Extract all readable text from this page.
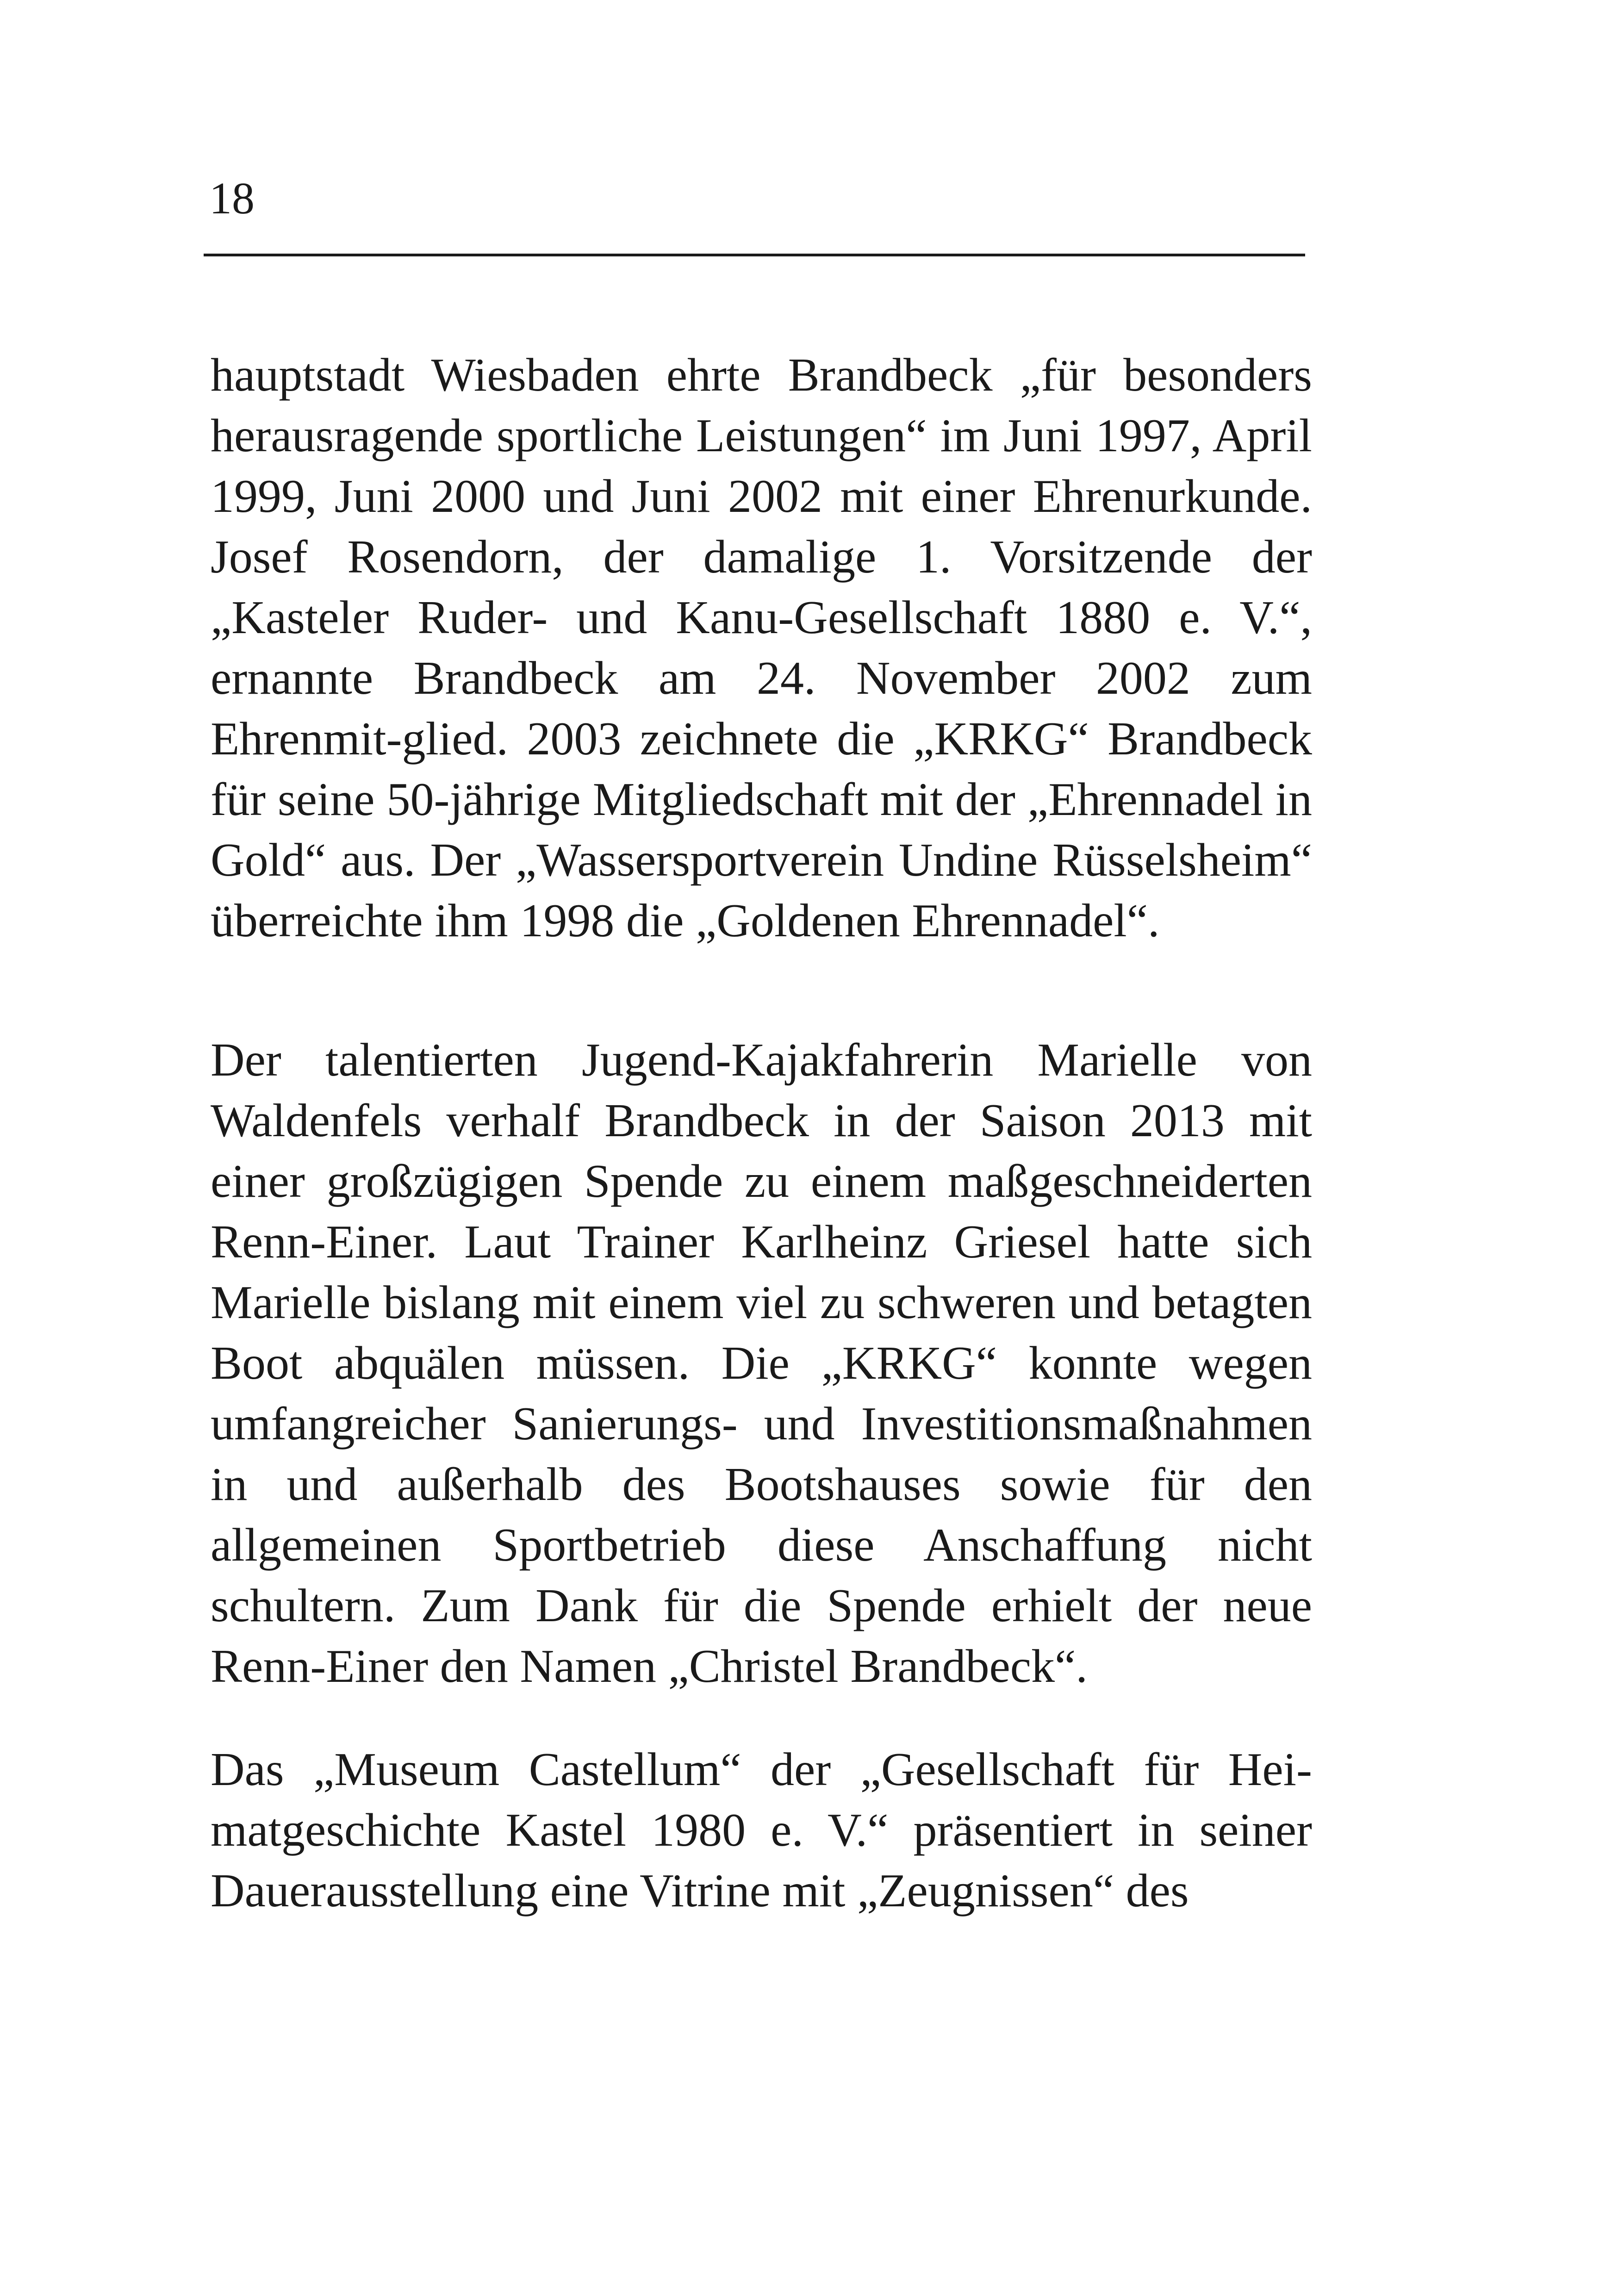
18

hauptstadt Wiesbaden ehrte Brandbeck „für besonders herausragende sportliche Leistungen“ im Juni 1997, April 1999, Juni 2000 und Juni 2002 mit einer Ehrenurkunde. Josef Rosendorn, der damalige 1. Vorsitzende der „Kasteler Ruder- und Kanu-Gesellschaft 1880 e. V.“, ernannte Brandbeck am 24. November 2002 zum Ehrenmit-glied. 2003 zeichnete die „KRKG“ Brandbeck für seine 50-jährige Mitgliedschaft mit der „Ehrennadel in Gold“ aus. Der „Wassersportverein Undine Rüsselsheim“ überreichte ihm 1998 die „Goldenen Ehrennadel“.

Der talentierten Jugend-Kajakfahrerin Marielle von Waldenfels verhalf Brandbeck in der Saison 2013 mit einer großzügigen Spende zu einem maßgeschneiderten Renn-Einer. Laut Trainer Karlheinz Griesel hatte sich Marielle bislang mit einem viel zu schweren und betagten Boot abquälen müssen. Die „KRKG“ konnte wegen umfangreicher Sanierungs- und Investitionsmaßnahmen in und außerhalb des Bootshauses sowie für den allgemeinen Sportbetrieb diese Anschaffung nicht schultern. Zum Dank für die Spende erhielt der neue Renn-Einer den Namen „Christel Brandbeck“.

Das „Museum Castellum“ der „Gesellschaft für Heimatgeschichte Kastel 1980 e. V.“ präsentiert in seiner Dauerausstellung eine Vitrine mit „Zeugnissen“ des
